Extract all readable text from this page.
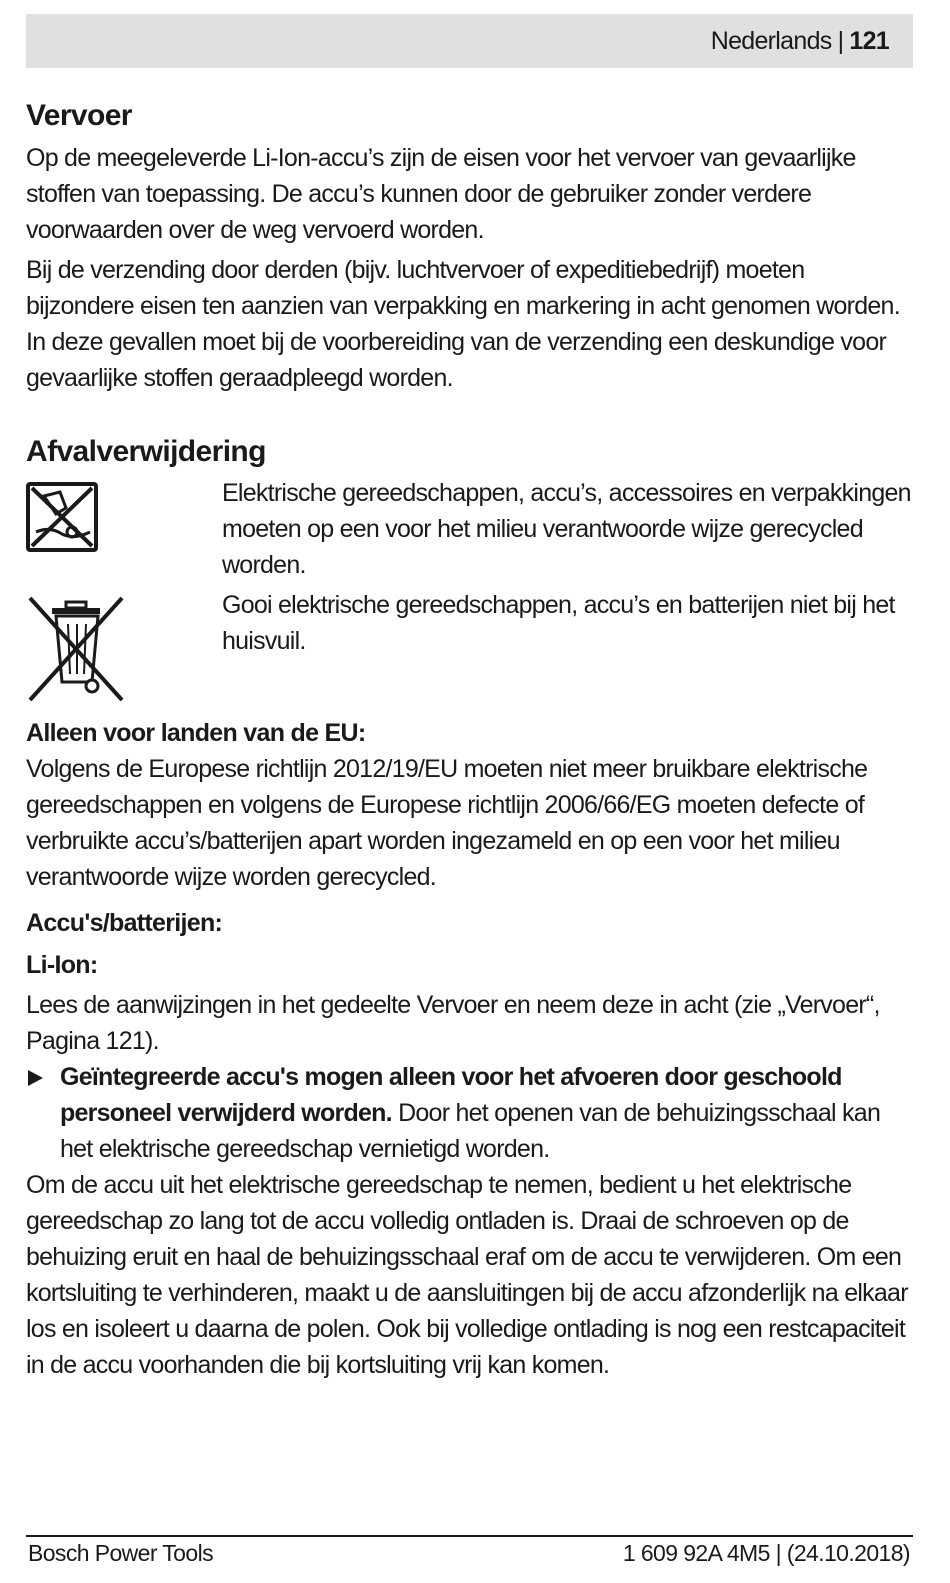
Nederlands | 121
Vervoer

Op de meegeleverde Li-Ion-accu’s zijn de eisen voor het vervoer van gevaarlijke stoffen van toepassing. De accu’s kunnen door de gebruiker zonder verdere voorwaarden over de weg vervoerd worden.

Bij de verzending door derden (bijv. luchtvervoer of expeditiebedrijf) moeten bijzondere eisen ten aanzien van verpakking en markering in acht genomen worden. In deze gevallen moet bij de voorbereiding van de verzending een deskundige voor gevaarlijke stoffen geraadpleegd worden.

Afvalverwijdering

Elektrische gereedschappen, accu’s, accessoires en verpakkingen moeten op een voor het milieu verantwoorde wijze gerecycled worden.

Gooi elektrische gereedschappen, accu’s en batterijen niet bij het huisvuil.

Alleen voor landen van de EU:

Volgens de Europese richtlijn 2012/19/EU moeten niet meer bruikbare elektrische gereedschappen en volgens de Europese richtlijn 2006/66/EG moeten defecte of verbruikte accu’s/batterijen apart worden ingezameld en op een voor het milieu verantwoorde wijze worden gerecycled.

Accu's/batterijen:
Li-Ion:

Lees de aanwijzingen in het gedeelte Vervoer en neem deze in acht (zie „Vervoer“, Pagina 121).

Geïntegreerde accu's mogen alleen voor het afvoeren door geschoold personeel verwijderd worden. Door het openen van de behuizingsschaal kan het elektrische gereedschap vernietigd worden.

Om de accu uit het elektrische gereedschap te nemen, bedient u het elektrische gereedschap zo lang tot de accu volledig ontladen is. Draai de schroeven op de behuizing eruit en haal de behuizingsschaal eraf om de accu te verwijderen. Om een kortsluiting te verhinderen, maakt u de aansluitingen bij de accu afzonderlijk na elkaar los en isoleert u daarna de polen. Ook bij volledige ontlading is nog een restcapaciteit in de accu voorhanden die bij kortsluiting vrij kan komen.

Bosch Power Tools	1 609 92A 4M5 | (24.10.2018)
